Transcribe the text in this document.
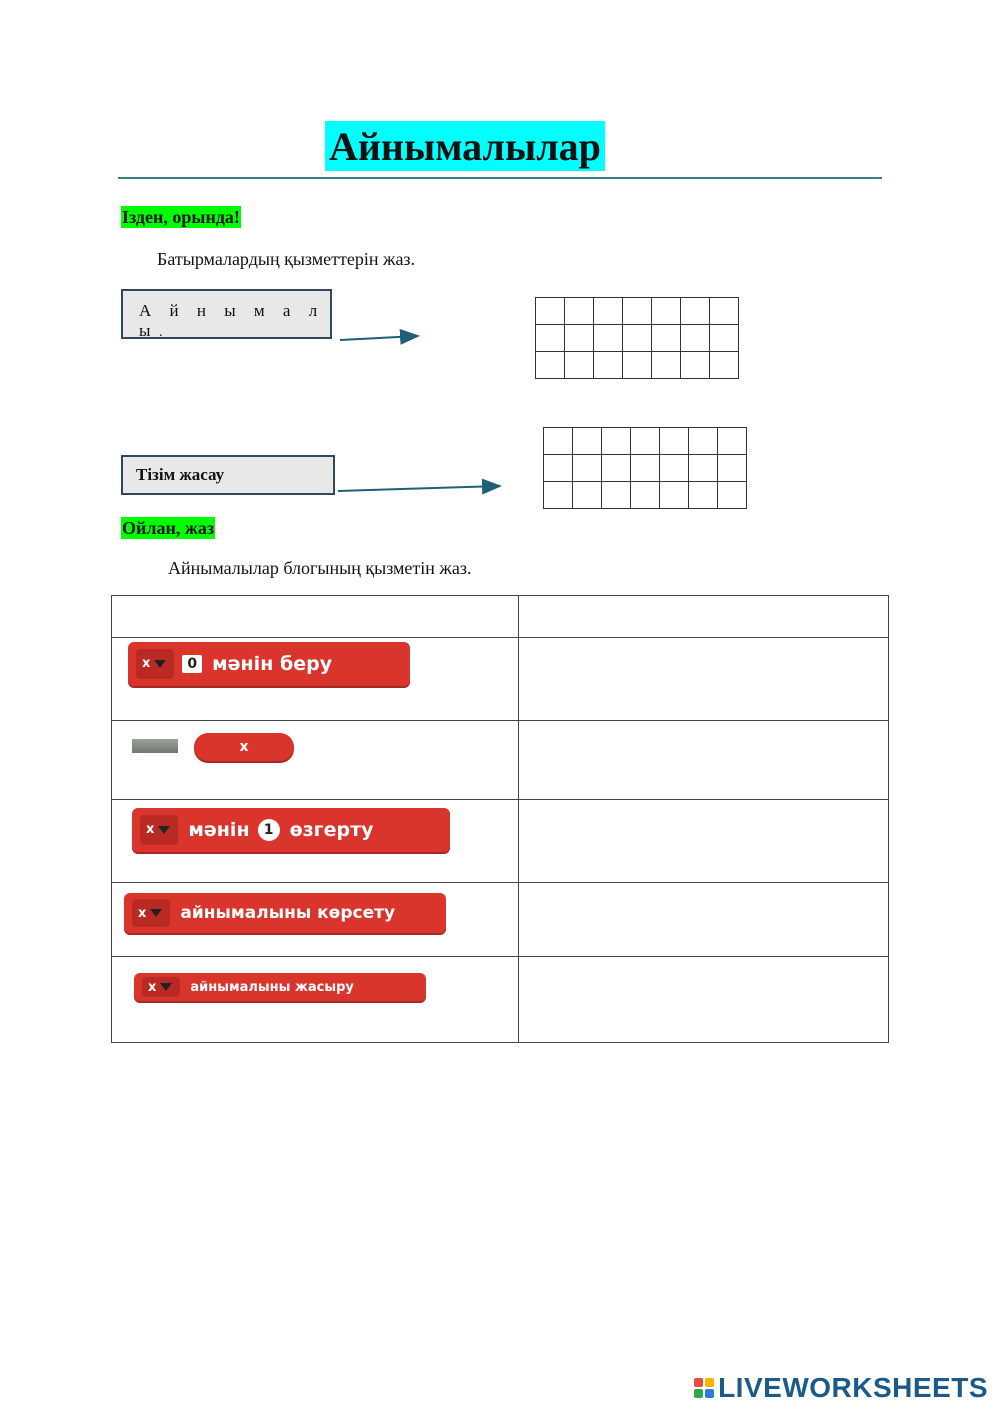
Айнымалылар
Ізден, орында!
Батырмалардың қызметтерін жаз.
А й н ы м а л ы .

Тізім жасау

Ойлан, жаз
Айнымалылар блогының қызметін жаз.

x 0 мәнін беру	

x	

x мәнін 1 өзгерту	

x айнымалыны көрсету	

x айнымалыны жасыру	

LIVEWORKSHEETS
